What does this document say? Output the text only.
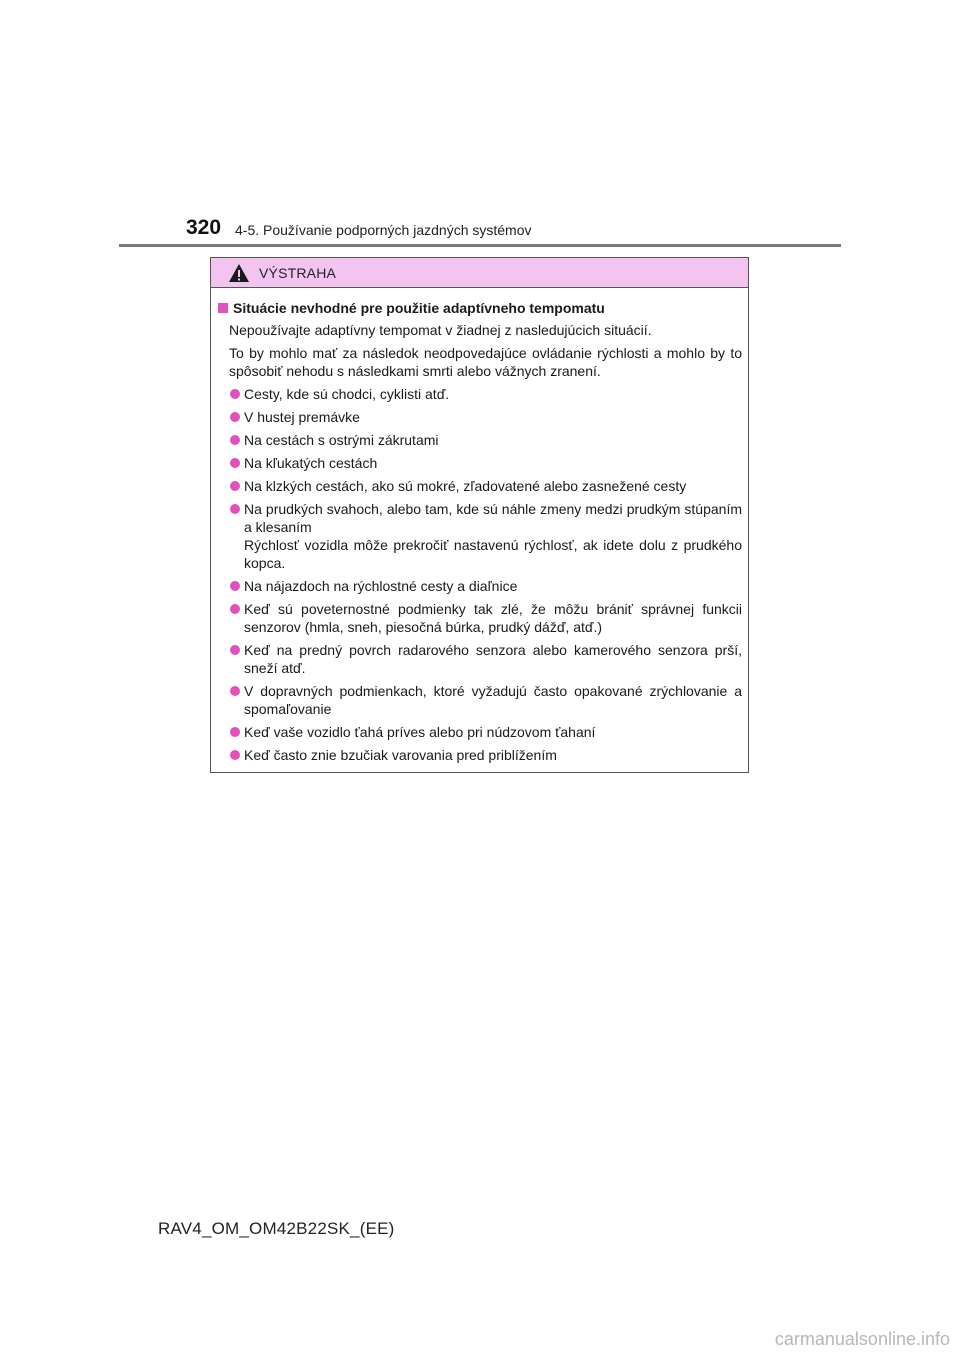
320 4-5. Používanie podporných jazdných systémov
VÝSTRAHA
Situácie nevhodné pre použitie adaptívneho tempomatu
Nepoužívajte adaptívny tempomat v žiadnej z nasledujúcich situácií.
To by mohlo mať za následok neodpovedajúce ovládanie rýchlosti a mohlo by to spôsobiť nehodu s následkami smrti alebo vážnych zranení.
Cesty, kde sú chodci, cyklisti atď.
V hustej premávke
Na cestách s ostrými zákrutami
Na kľukatých cestách
Na klzkých cestách, ako sú mokré, zľadovatené alebo zasnežené cesty
Na prudkých svahoch, alebo tam, kde sú náhle zmeny medzi prudkým stúpaním a klesaním
Rýchlosť vozidla môže prekročiť nastavenú rýchlosť, ak idete dolu z prudkého kopca.
Na nájazdoch na rýchlostné cesty a diaľnice
Keď sú poveternostné podmienky tak zlé, že môžu brániť správnej funkcii senzorov (hmla, sneh, piesočná búrka, prudký dážď, atď.)
Keď na predný povrch radarového senzora alebo kamerového senzora prší, sneží atď.
V dopravných podmienkach, ktoré vyžadujú často opakované zrýchlovanie a spomaľovanie
Keď vaše vozidlo ťahá príves alebo pri núdzovom ťahaní
Keď často znie bzučiak varovania pred priblížením
RAV4_OM_OM42B22SK_(EE)
carmanualsonline.info
